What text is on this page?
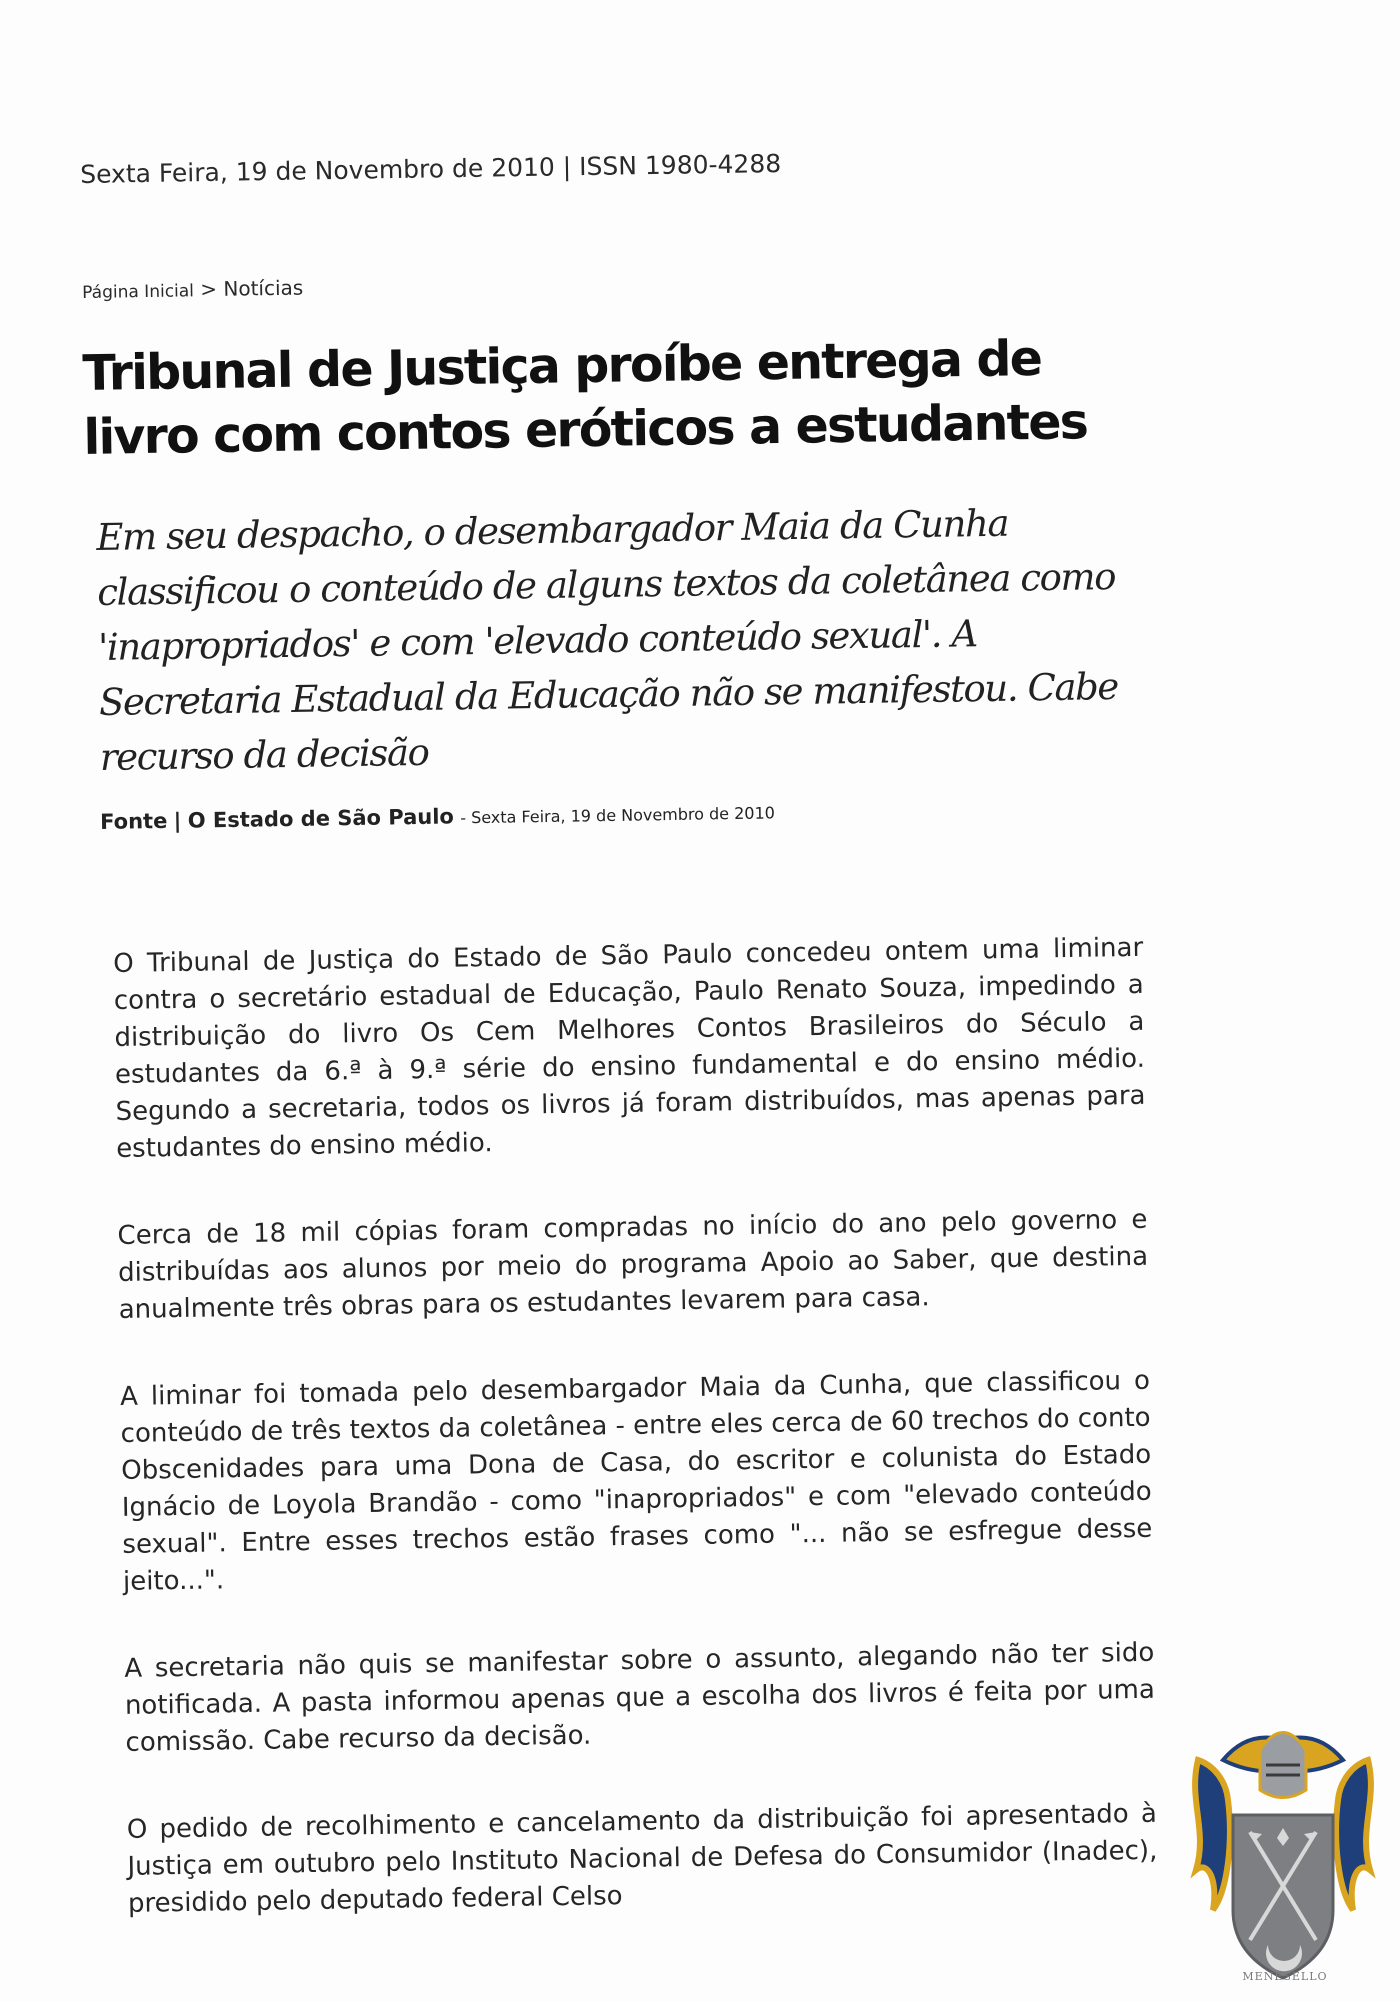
Sexta Feira, 19 de Novembro de 2010 | ISSN 1980-4288
Página Inicial > Notícias
Tribunal de Justiça proíbe entrega de livro com contos eróticos a estudantes

Em seu despacho, o desembargador Maia da Cunha classificou o conteúdo de alguns textos da coletânea como 'inapropriados' e com 'elevado conteúdo sexual'. A Secretaria Estadual da Educação não se manifestou. Cabe recurso da decisão

Fonte | O Estado de São Paulo - Sexta Feira, 19 de Novembro de 2010

O Tribunal de Justiça do Estado de São Paulo concedeu ontem uma liminar contra o secretário estadual de Educação, Paulo Renato Souza, impedindo a distribuição do livro Os Cem Melhores Contos Brasileiros do Século a estudantes da 6.ª à 9.ª série do ensino fundamental e do ensino médio. Segundo a secretaria, todos os livros já foram distribuídos, mas apenas para estudantes do ensino médio.

Cerca de 18 mil cópias foram compradas no início do ano pelo governo e distribuídas aos alunos por meio do programa Apoio ao Saber, que destina anualmente três obras para os estudantes levarem para casa.

A liminar foi tomada pelo desembargador Maia da Cunha, que classificou o conteúdo de três textos da coletânea - entre eles cerca de 60 trechos do conto Obscenidades para uma Dona de Casa, do escritor e colunista do Estado Ignácio de Loyola Brandão - como "inapropriados" e com "elevado conteúdo sexual". Entre esses trechos estão frases como "... não se esfregue desse jeito...".

A secretaria não quis se manifestar sobre o assunto, alegando não ter sido notificada. A pasta informou apenas que a escolha dos livros é feita por uma comissão. Cabe recurso da decisão.

O pedido de recolhimento e cancelamento da distribuição foi apresentado à Justiça em outubro pelo Instituto Nacional de Defesa do Consumidor (Inadec), presidido pelo deputado federal Celso

MENESELLO
